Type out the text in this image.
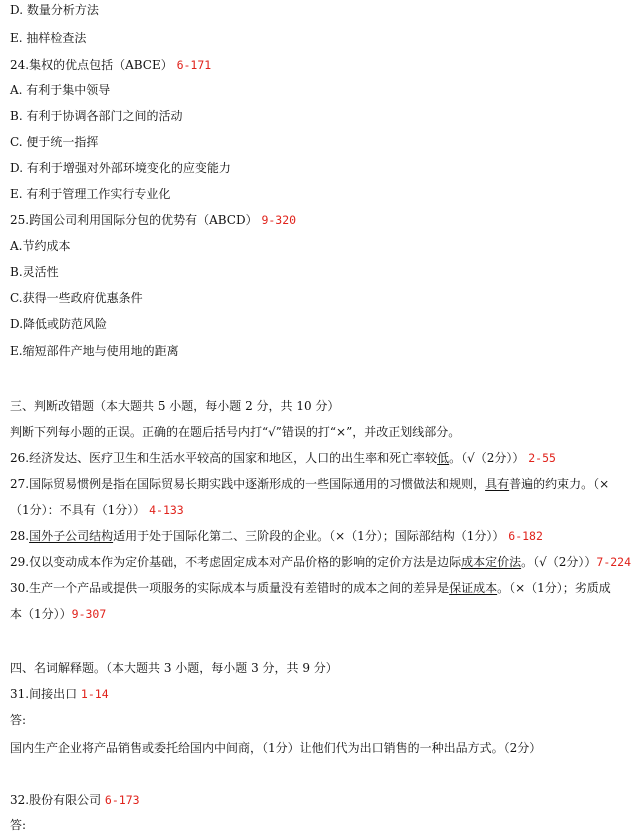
D. 数量分析方法
E. 抽样检查法
24.集权的优点包括（ABCE） 6-171
A. 有利于集中领导
B. 有利于协调各部门之间的活动
C. 便于统一指挥
D. 有利于增强对外部环境变化的应变能力
E. 有利于管理工作实行专业化
25.跨国公司利用国际分包的优势有（ABCD） 9-320
A.节约成本
B.灵活性
C.获得一些政府优惠条件
D.降低或防范风险
E.缩短部件产地与使用地的距离
三、判断改错题（本大题共 5 小题，每小题 2 分，共 10 分）
判断下列每小题的正误。正确的在题后括号内打“√”错误的打“×”，并改正划线部分。
26.经济发达、医疗卫生和生活水平较高的国家和地区，人口的出生率和死亡率较低。（√（2分）） 2-55
27.国际贸易惯例是指在国际贸易长期实践中逐渐形成的一些国际通用的习惯做法和规则，具有普遍的约束力。（×
（1分）：不具有（1分）） 4-133
28.国外子公司结构适用于处于国际化第二、三阶段的企业。（×（1分）；国际部结构（1分）） 6-182
29.仅以变动成本作为定价基础，不考虑固定成本对产品价格的影响的定价方法是边际成本定价法。（√（2分））7-224
30.生产一个产品或提供一项服务的实际成本与质量没有差错时的成本之间的差异是保证成本。（×（1分）；劣质成
本（1分））9-307
四、名词解释题。（本大题共 3 小题，每小题 3 分，共 9 分）
31.间接出口 1-14
答:
国内生产企业将产品销售或委托给国内中间商，（1分）让他们代为出口销售的一种出品方式。（2分）
32.股份有限公司 6-173
答:
